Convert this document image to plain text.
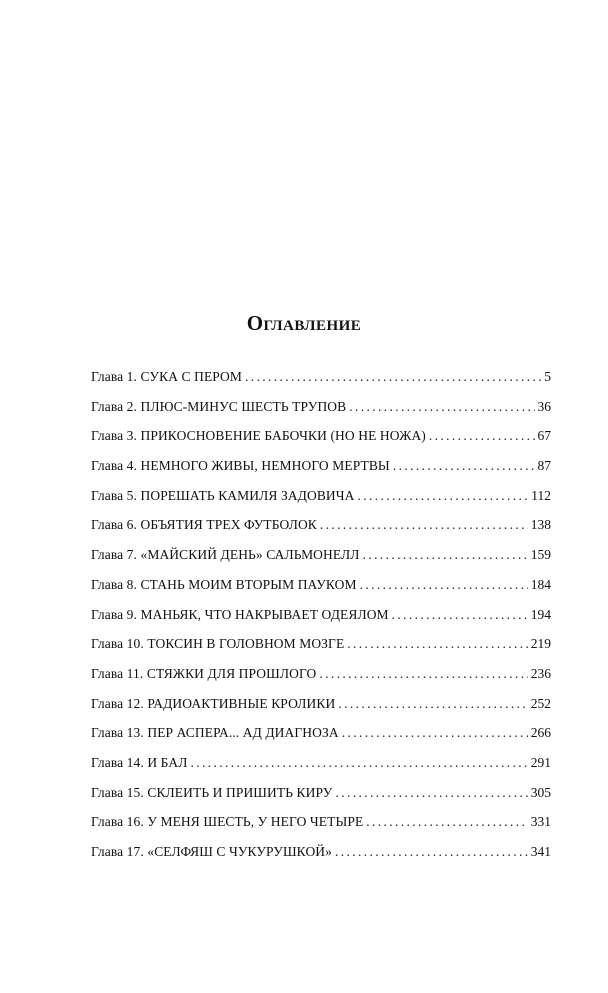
Оглавление
Глава 1. СУКА С ПЕРОМ . . .	5
Глава 2. ПЛЮС-МИНУС ШЕСТЬ ТРУПОВ . . .	36
Глава 3. ПРИКОСНОВЕНИЕ БАБОЧКИ (НО НЕ НОЖА) . . .	67
Глава 4. НЕМНОГО ЖИВЫ, НЕМНОГО МЕРТВЫ . . .	87
Глава 5. ПОРЕШАТЬ КАМИЛЯ ЗАДОВИЧА . . .	112
Глава 6. ОБЪЯТИЯ ТРЕХ ФУТБОЛОК . . .	138
Глава 7. «МАЙСКИЙ ДЕНЬ» САЛЬМОНЕЛЛ . . .	159
Глава 8. СТАНЬ МОИМ ВТОРЫМ ПАУКОМ . . .	184
Глава 9. МАНЬЯК, ЧТО НАКРЫВАЕТ ОДЕЯЛОМ . . .	194
Глава 10. ТОКСИН В ГОЛОВНОМ МОЗГЕ . . .	219
Глава 11. СТЯЖКИ ДЛЯ ПРОШЛОГО . . .	236
Глава 12. РАДИОАКТИВНЫЕ КРОЛИКИ . . .	252
Глава 13. ПЕР АСПЕРА... АД ДИАГНОЗА . . .	266
Глава 14. И БАЛ . . .	291
Глава 15. СКЛЕИТЬ И ПРИШИТЬ КИРУ . . .	305
Глава 16. У МЕНЯ ШЕСТЬ, У НЕГО ЧЕТЫРЕ . . .	331
Глава 17. «СЕЛФЯШ С ЧУКУРУШКОЙ» . . .	341
